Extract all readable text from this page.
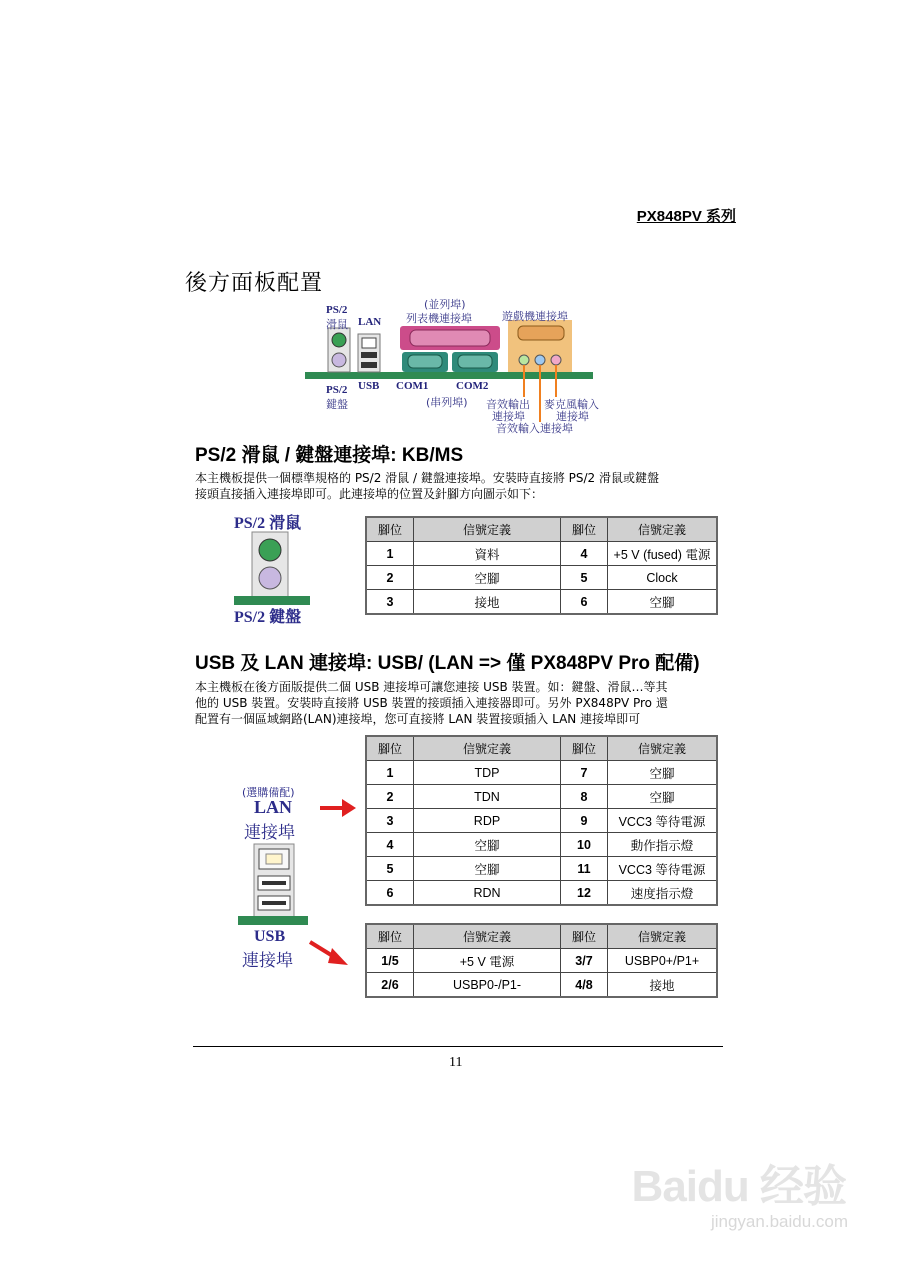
PX848PV 系列
後方面板配置
PS/2
滑鼠 LAN
(並列埠)
列表機連接埠	遊戲機連接埠
PS/2
鍵盤
USB COM1	COM2
(串列埠) 音效輸出
連接埠
麥克風輸入
連接埠
音效輸入連接埠
PS/2 滑鼠 / 鍵盤連接埠: KB/MS
本主機板提供一個標準規格的 PS/2 滑鼠 / 鍵盤連接埠。安裝時直接將 PS/2 滑鼠或鍵盤
接頭直接插入連接埠即可。此連接埠的位置及針腳方向圖示如下：
PS/2 滑鼠
PS/2 鍵盤
腳位	信號定義	腳位	信號定義
1	資料	4	+5 V (fused) 電源
2	空腳	5	Clock
3	接地	6	空腳
USB 及 LAN 連接埠: USB/ (LAN => 僅 PX848PV Pro 配備)
本主機板在後方面版提供二個 USB 連接埠可讓您連接 USB 裝置。如：鍵盤、滑鼠…等其
他的 USB 裝置。安裝時直接將 USB 裝置的接頭插入連接器即可。另外 PX848PV Pro 還
配置有一個區域網路(LAN)連接埠，您可直接將 LAN 裝置接頭插入 LAN 連接埠即可
(選購備配)
LAN
連接埠
USB
連接埠
腳位	信號定義	腳位	信號定義
1	TDP	7	空腳
2	TDN	8	空腳
3	RDP	9	VCC3 等待電源
4	空腳	10	動作指示燈
5	空腳	11	VCC3 等待電源
6	RDN	12	速度指示燈
腳位	信號定義	腳位	信號定義
1/5	+5 V 電源	3/7	USBP0+/P1+
2/6	USBP0-/P1-	4/8	接地
11
Baidu 经验
jingyan.baidu.com
